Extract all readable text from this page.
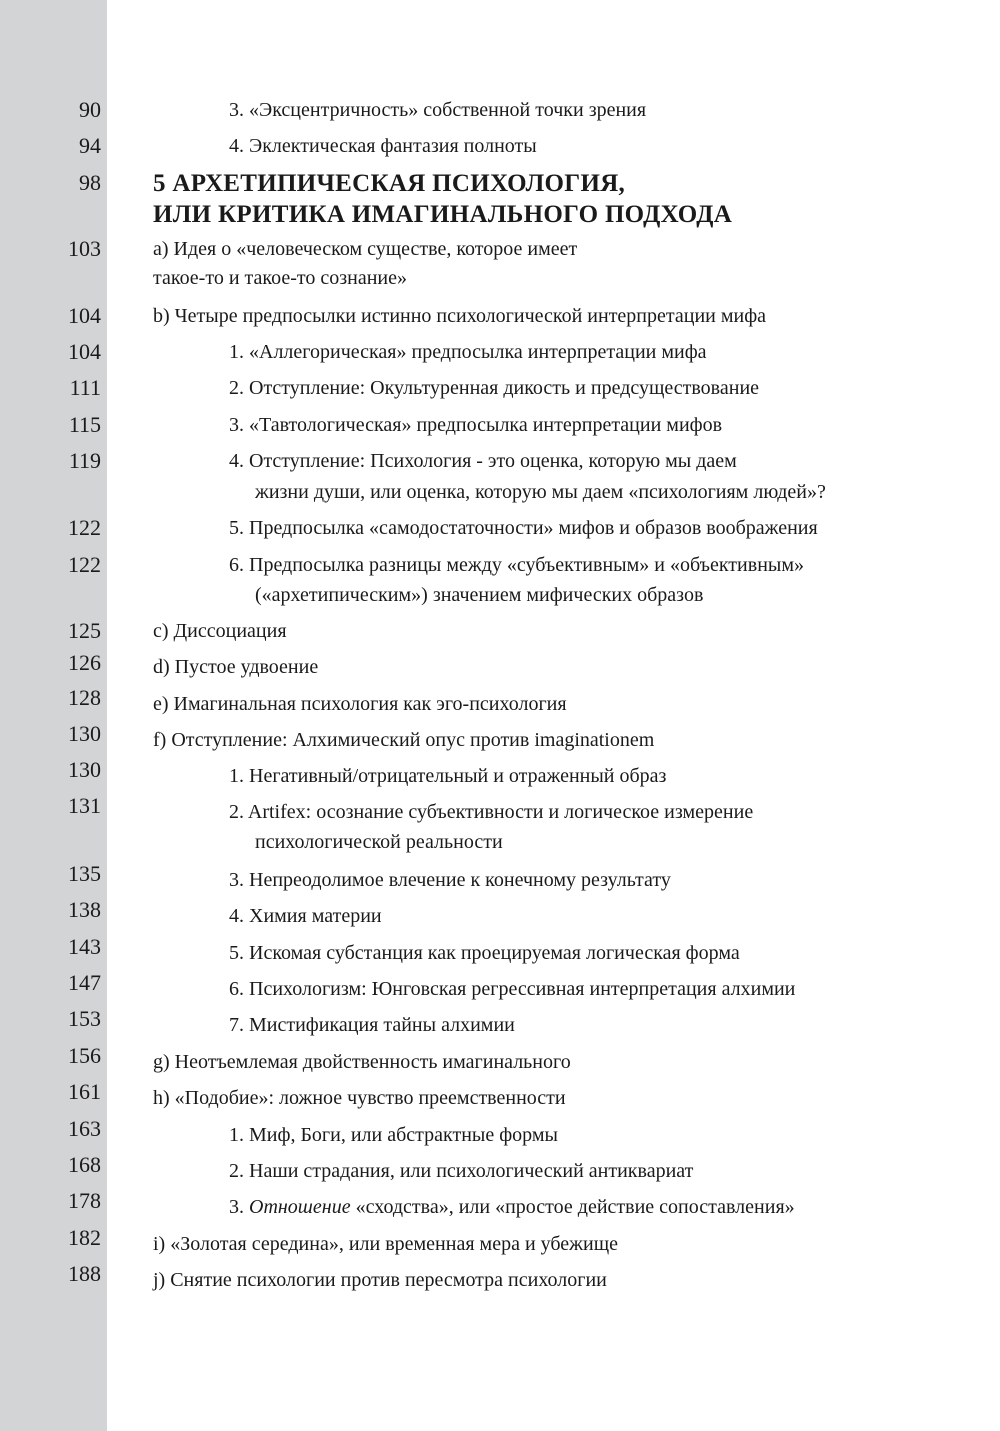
90	3. «Эксцентричность» собственной точки зрения
94	4. Эклектическая фантазия полноты
98 5 АРХЕТИПИЧЕСКАЯ ПСИХОЛОГИЯ,
ИЛИ КРИТИКА ИМАГИНАЛЬНОГО ПОДХОДА
103	a) Идея о «человеческом существе, которое имеет
такое-то и такое-то сознание»
104	b) Четыре предпосылки истинно психологической интерпретации мифа
104	1. «Аллегорическая» предпосылка интерпретации мифа
111	2. Отступление: Окультуренная дикость и предсуществование
115	3. «Тавтологическая» предпосылка интерпретации мифов
119	4. Отступление: Психология - это оценка, которую мы даем
жизни души, или оценка, которую мы даем «психологиям людей»?
122	5. Предпосылка «самодостаточности» мифов и образов воображения
122	6. Предпосылка разницы между «субъективным» и «объективным»
(«архетипическим») значением мифических образов
125	c) Диссоциация
126	d) Пустое удвоение
128	e) Имагинальная психология как эго-психология
130	f) Отступление: Алхимический опус против imaginationem
130	1. Негативный/отрицательный и отраженный образ
131	2. Artifex: осознание субъективности и логическое измерение
психологической реальности
135	3. Непреодолимое влечение к конечному результату
138	4. Химия материи
143	5. Искомая субстанция как проецируемая логическая форма
147	6. Психологизм: Юнговская регрессивная интерпретация алхимии
153	7. Мистификация тайны алхимии
156	g) Неотъемлемая двойственность имагинального
161	h) «Подобие»: ложное чувство преемственности
163	1. Миф, Боги, или абстрактные формы
168	2. Наши страдания, или психологический антиквариат
178	3. Отношение «сходства», или «простое действие сопоставления»
182	i) «Золотая середина», или временная мера и убежище
188	j) Снятие психологии против пересмотра психологии
